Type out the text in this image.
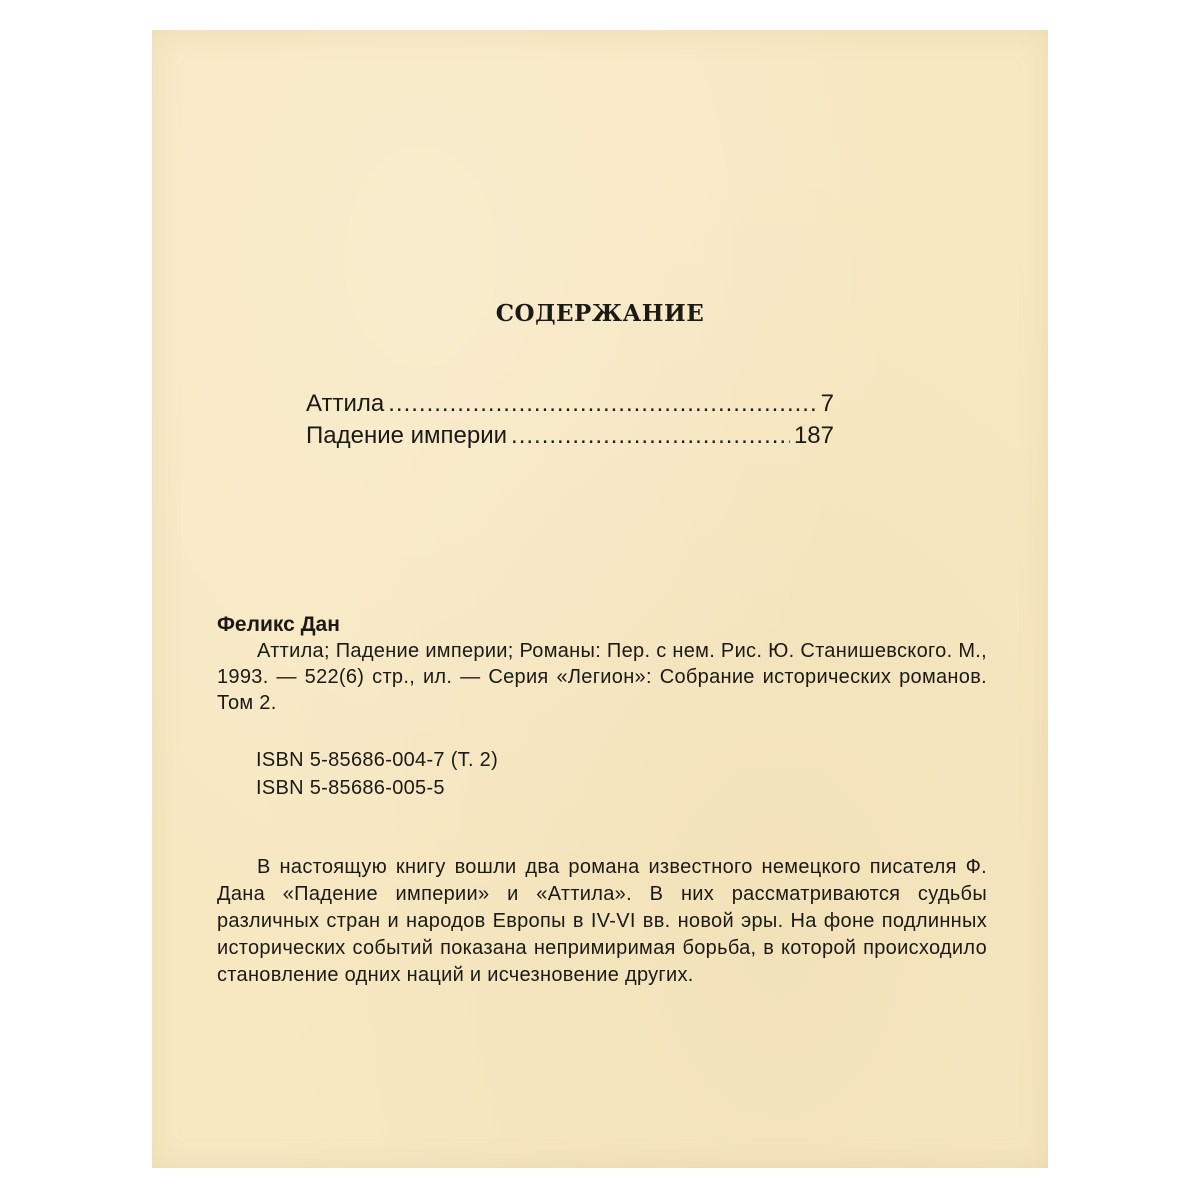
СОДЕРЖАНИЕ
Аттила .....	7
Падение империи .....	187

Феликс Дан

Аттила; Падение империи; Романы: Пер. с нем. Рис. Ю. Станишевского. М., 1993. — 522(6) стр., ил. — Серия «Легион»: Собрание исторических романов. Том 2.

ISBN 5-85686-004-7 (Т. 2)

ISBN 5-85686-005-5

В настоящую книгу вошли два романа известного немецкого писателя Ф. Дана «Падение империи» и «Аттила». В них рассматриваются судьбы различных стран и народов Европы в IV-VI вв. новой эры. На фоне подлинных исторических событий показана непримиримая борьба, в которой происходило становление одних наций и исчезновение других.
